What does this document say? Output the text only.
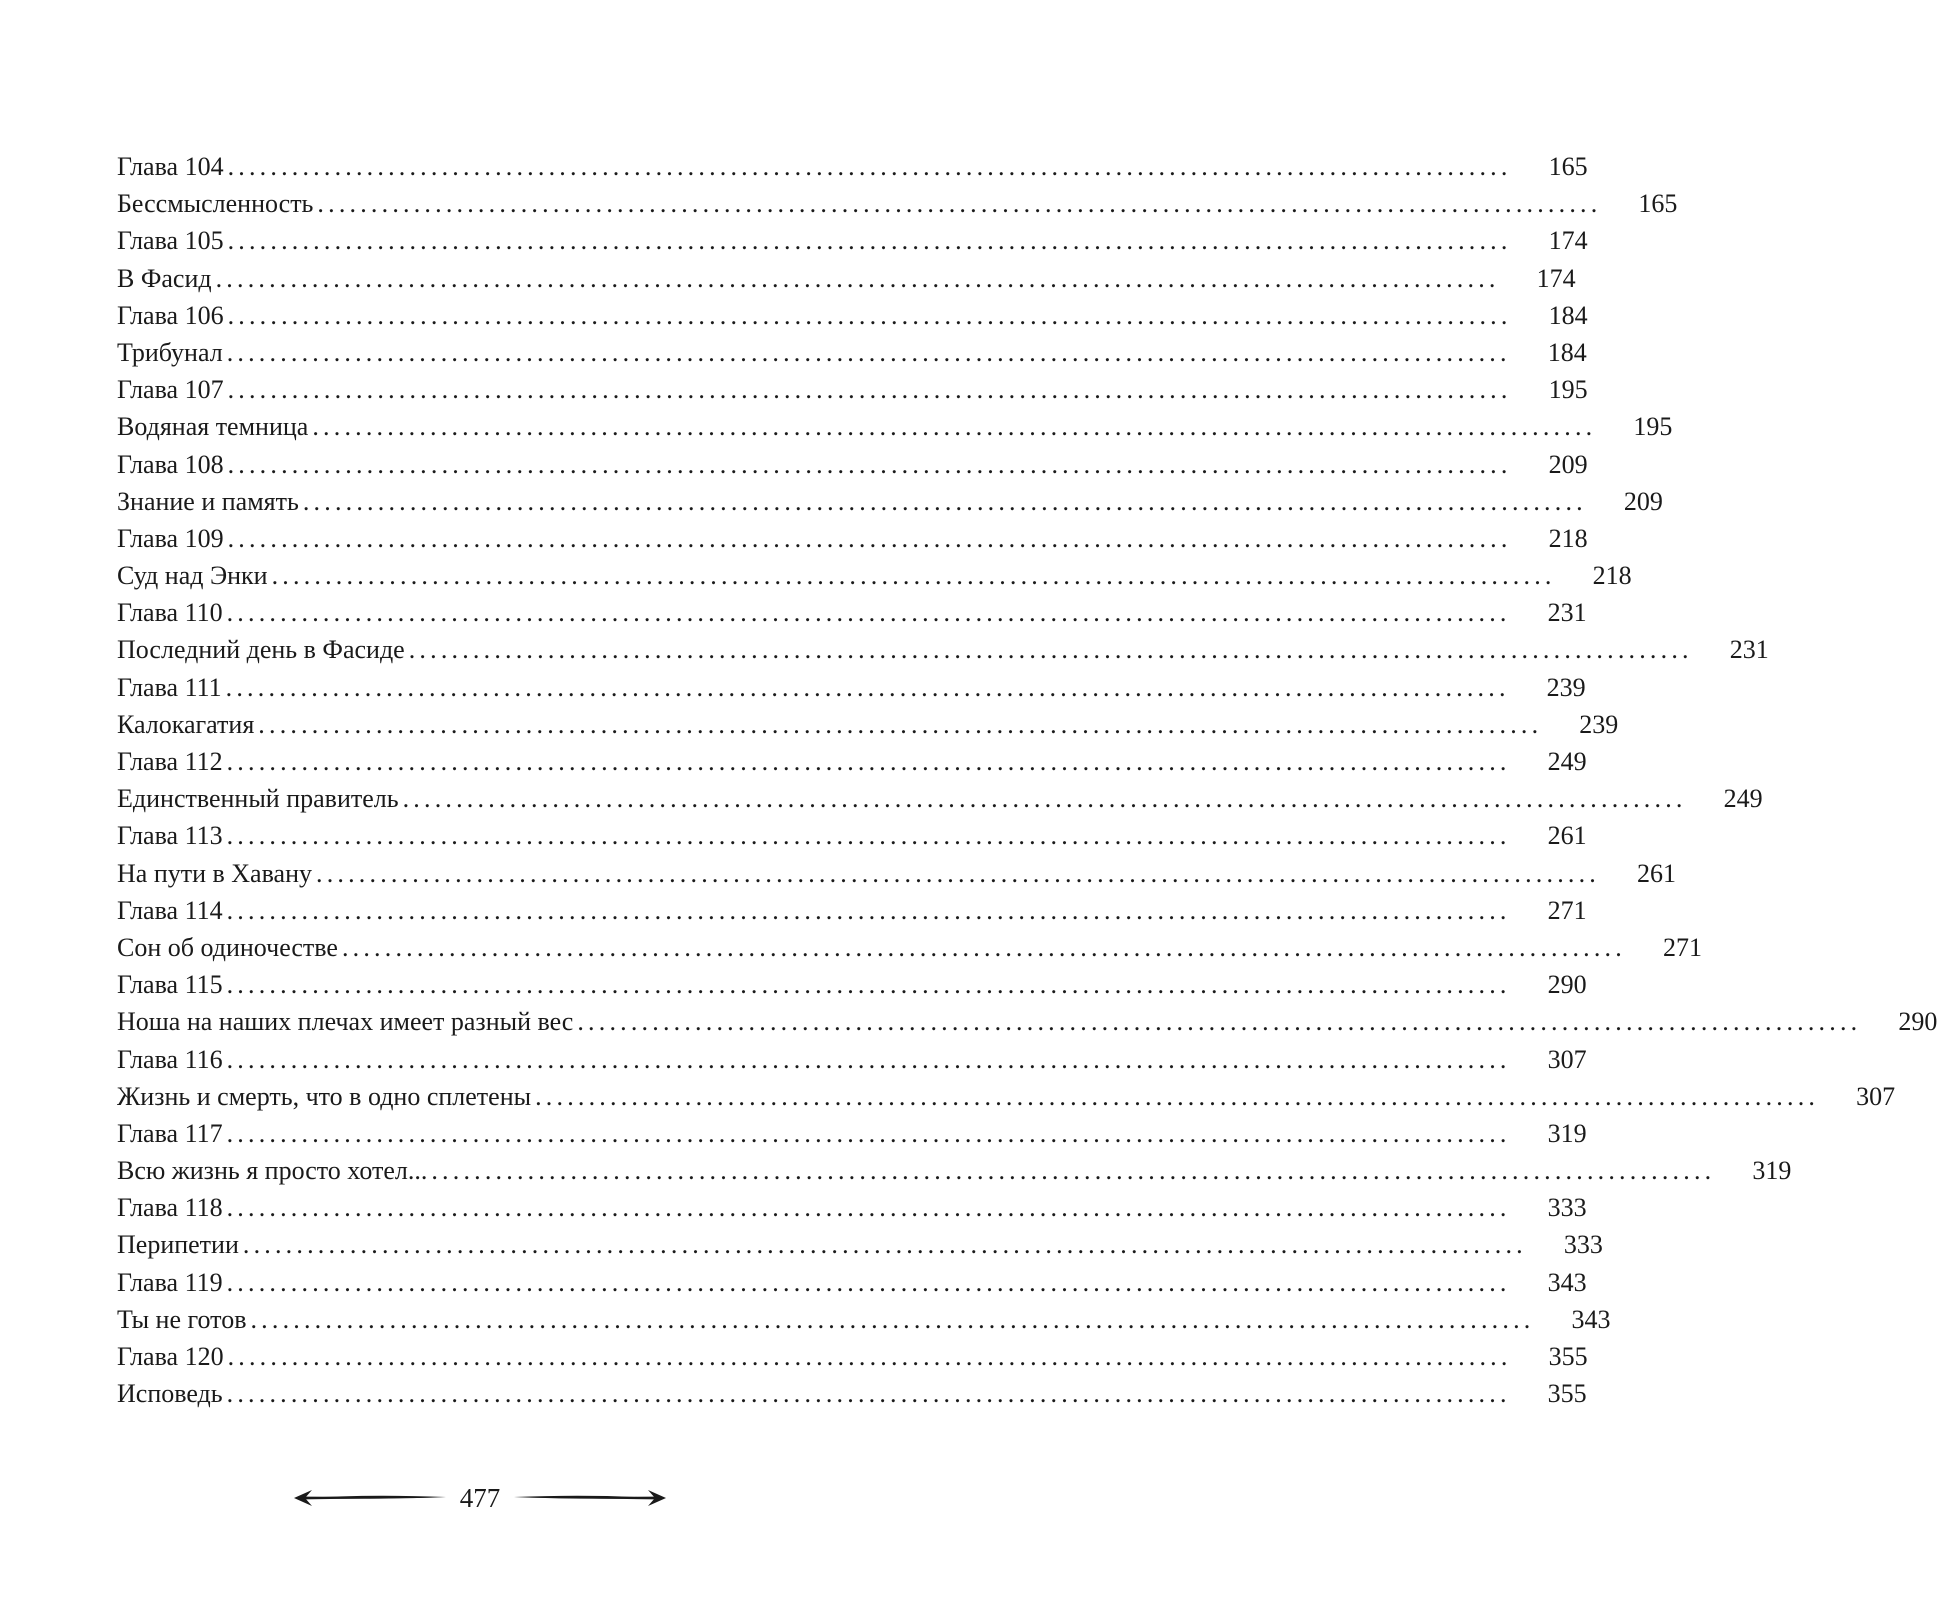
Глава 104 ........................................................................................................................	165
Бессмысленность ........................................................................................................................	165
Глава 105 ........................................................................................................................	174
В Фасид ........................................................................................................................	174
Глава 106 ........................................................................................................................	184
Трибунал ........................................................................................................................	184
Глава 107 ........................................................................................................................	195
Водяная темница ........................................................................................................................	195
Глава 108 ........................................................................................................................	209
Знание и память ........................................................................................................................	209
Глава 109 ........................................................................................................................	218
Суд над Энки ........................................................................................................................	218
Глава 110 ........................................................................................................................	231
Последний день в Фасиде ........................................................................................................................	231
Глава 111 ........................................................................................................................	239
Калокагатия ........................................................................................................................	239
Глава 112 ........................................................................................................................	249
Единственный правитель ........................................................................................................................	249
Глава 113 ........................................................................................................................	261
На пути в Хавану ........................................................................................................................	261
Глава 114 ........................................................................................................................	271
Сон об одиночестве ........................................................................................................................	271
Глава 115 ........................................................................................................................	290
Ноша на наших плечах имеет разный вес ........................................................................................................................	290
Глава 116 ........................................................................................................................	307
Жизнь и смерть, что в одно сплетены ........................................................................................................................	307
Глава 117 ........................................................................................................................	319
Всю жизнь я просто хотел... ........................................................................................................................	319
Глава 118 ........................................................................................................................	333
Перипетии ........................................................................................................................	333
Глава 119 ........................................................................................................................	343
Ты не готов ........................................................................................................................	343
Глава 120 ........................................................................................................................	355
Исповедь ........................................................................................................................	355
477
